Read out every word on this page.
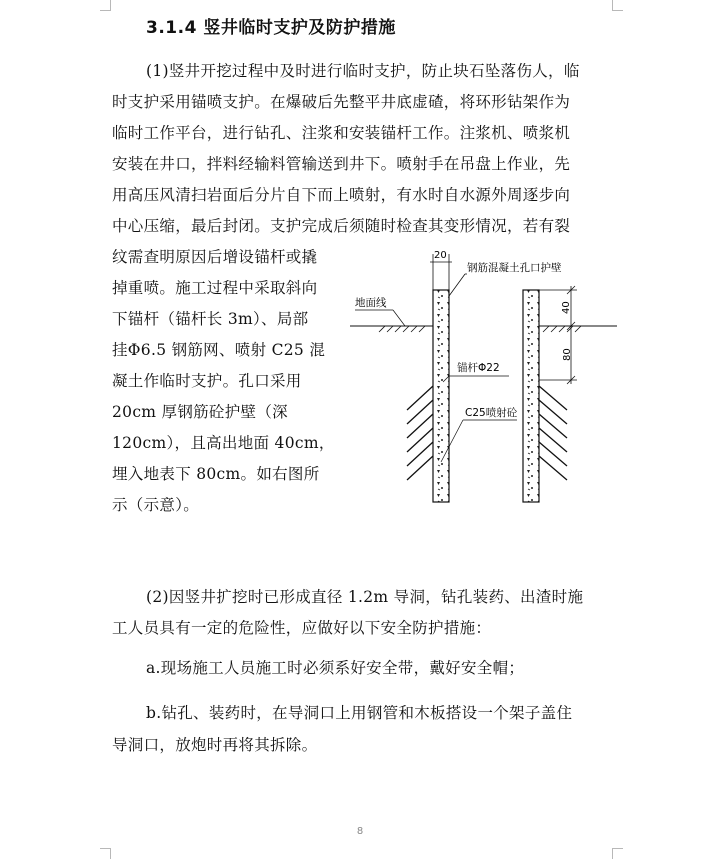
3.1.4 竖井临时支护及防护措施
(1)竖井开挖过程中及时进行临时支护，防止块石坠落伤人，临
时支护采用锚喷支护。在爆破后先整平井底虚碴，将环形钻架作为
临时工作平台，进行钻孔、注浆和安装锚杆工作。注浆机、喷浆机
安装在井口，拌料经输料管输送到井下。喷射手在吊盘上作业，先
用高压风清扫岩面后分片自下而上喷射，有水时自水源外周逐步向
中心压缩，最后封闭。支护完成后须随时检查其变形情况，若有裂
纹需查明原因后增设锚杆或撬
掉重喷。施工过程中采取斜向
下锚杆（锚杆长 3m）、局部
挂Φ6.5 钢筋网、喷射 C25 混
凝土作临时支护。孔口采用
20cm 厚钢筋砼护壁（深
120cm），且高出地面 40cm，
埋入地表下 80cm。如右图所
示（示意）。
20
钢筋混凝土孔口护壁
地面线	40
80
锚杆Φ22
C25喷射砼
(2)因竖井扩挖时已形成直径 1.2m 导洞，钻孔装药、出渣时施
工人员具有一定的危险性，应做好以下安全防护措施：
a.现场施工人员施工时必须系好安全带，戴好安全帽；
b.钻孔、装药时，在导洞口上用钢管和木板搭设一个架子盖住
导洞口，放炮时再将其拆除。
8
